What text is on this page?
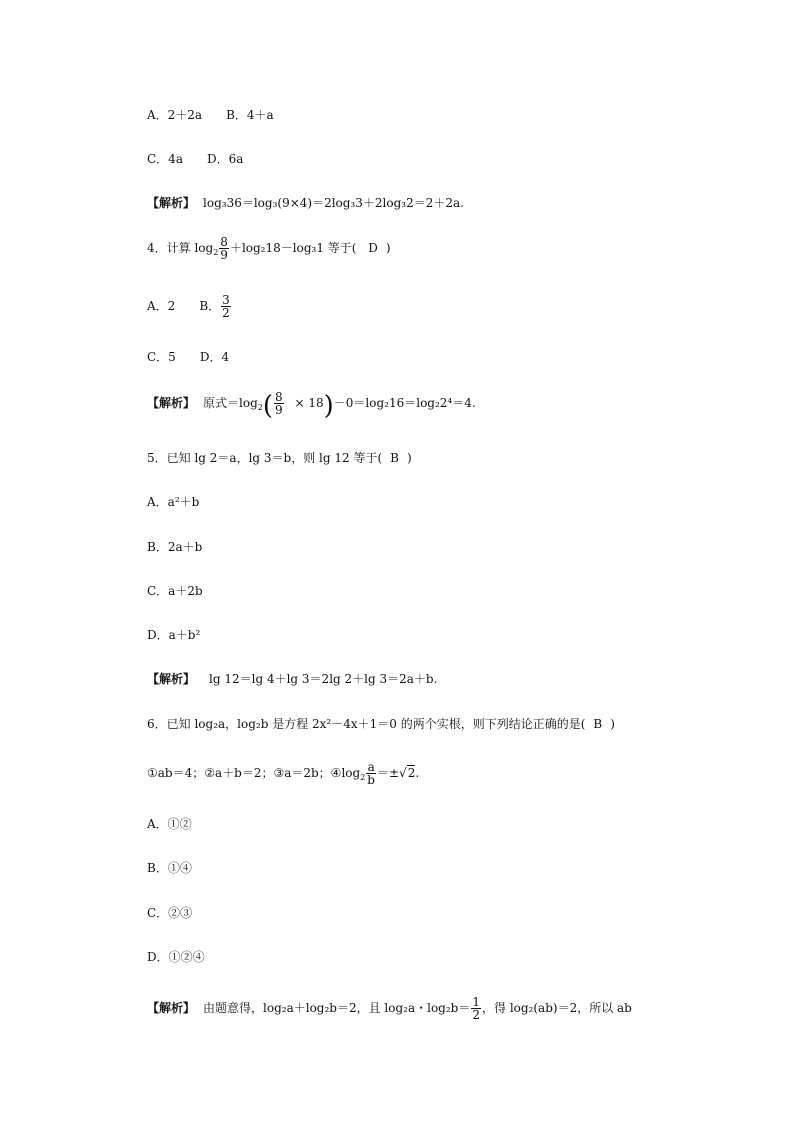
A．2＋2a B．4＋a
C．4a D．6a
【解析】 log₃36＝log₃(9×4)＝2log₃3＋2log₃2＝2＋2a.
4．计算 $\log_2 \frac{8}{9} +\log_218-\log_31$ 等于( D )
A．2 B． $\frac{3}{2}$
C．5 D．4
【解析】 原式$=\log_2( \frac{8}{9} \times 18)-0=\log_216=\log_22^4=4$.
5．已知 lg 2＝a，lg 3＝b，则 lg 12 等于( B )
A．a²＋b
B．2a＋b
C．a＋2b
D．a＋b²
【解析】 lg 12＝lg 4＋lg 3＝2lg 2＋lg 3＝2a＋b.
6．已知 log₂a，log₂b 是方程 2x²－4x＋1＝0 的两个实根，则下列结论正确的是( B )
①ab＝4；②a＋b＝2；③a＝2b；$④\log_2 \frac{a}{b} =\pm√2$.
A．①②
B．①④
C．②③
D．①②④
【解析】 由题意得，log₂a＋log₂b＝2，且 log₂a・$\log_2b= \frac{1}{2}$ ，得 log₂(ab)＝2，所以 ab
